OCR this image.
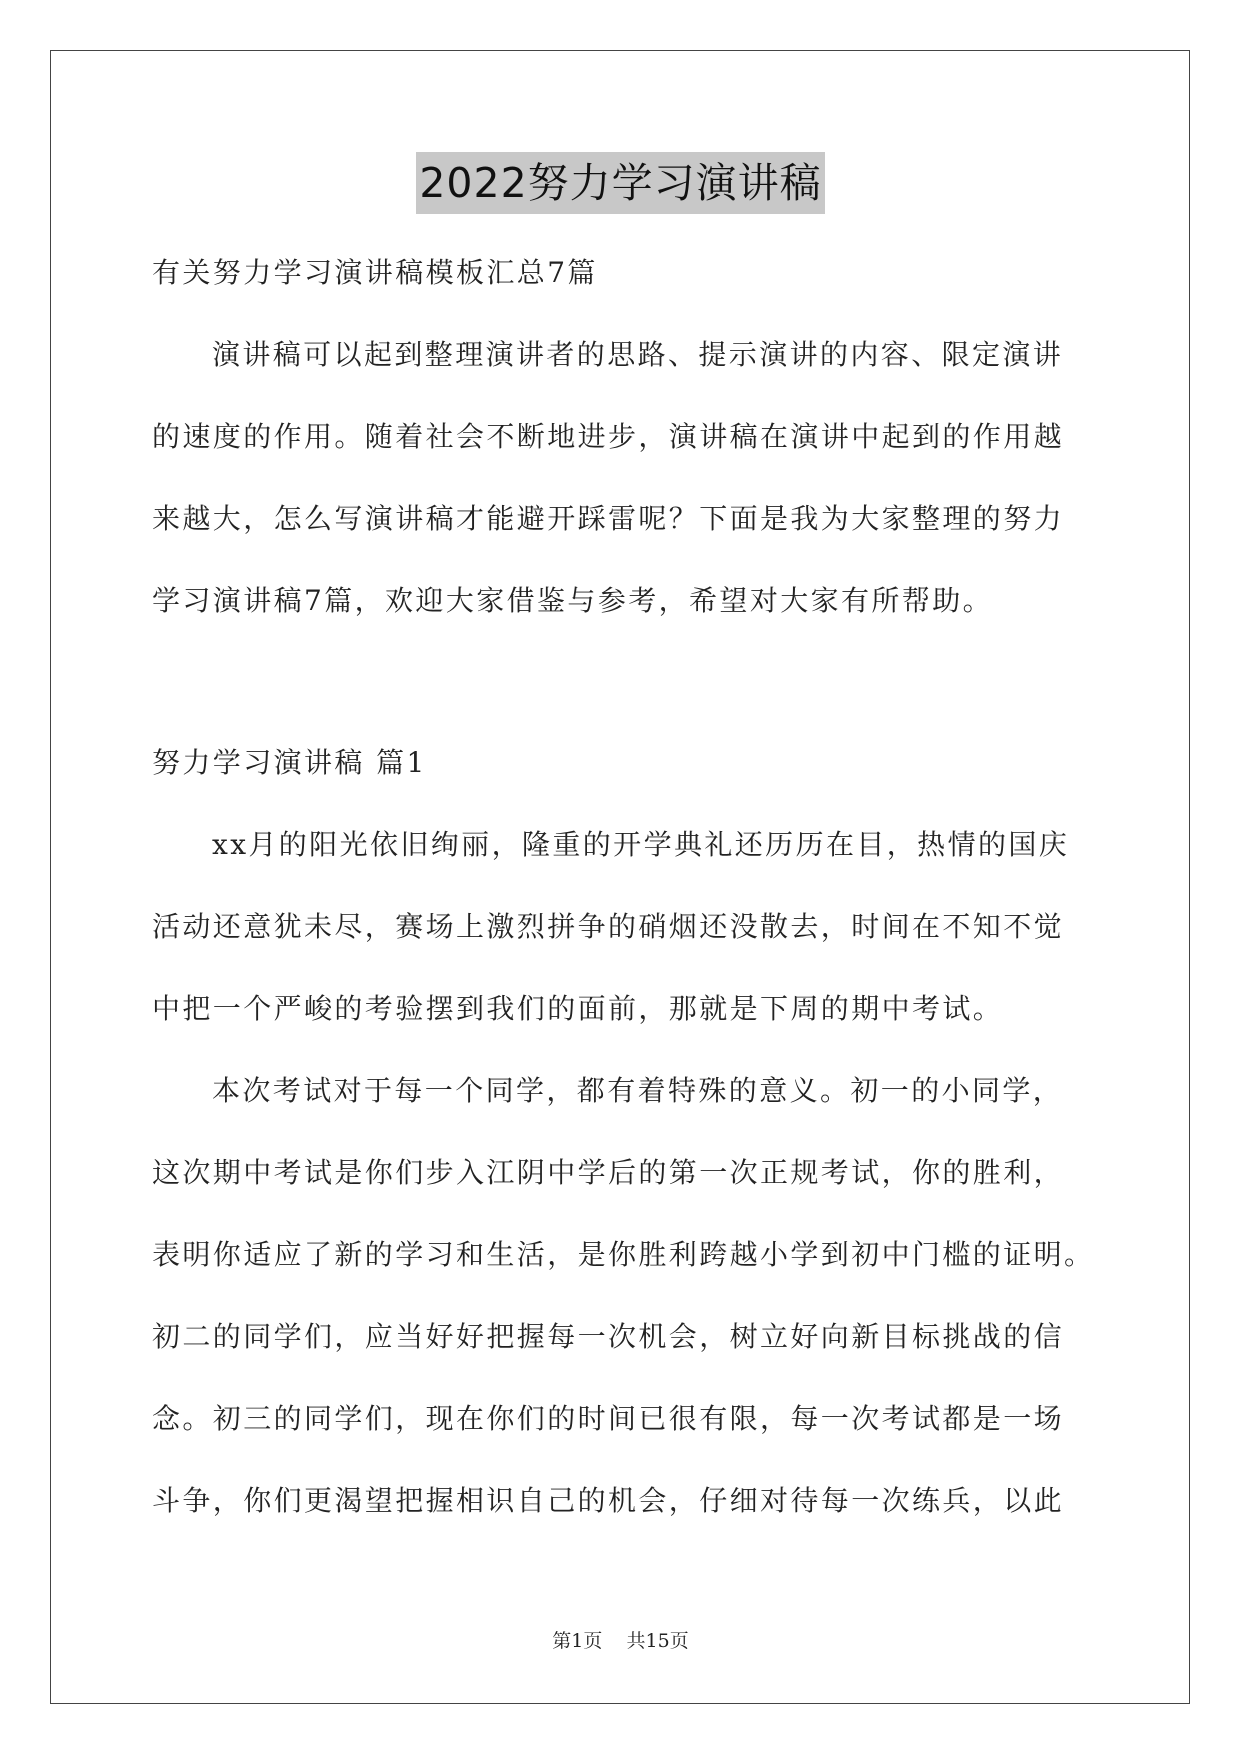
2022努力学习演讲稿
有关努力学习演讲稿模板汇总7篇
演讲稿可以起到整理演讲者的思路、提示演讲的内容、限定演讲
的速度的作用。随着社会不断地进步，演讲稿在演讲中起到的作用越
来越大，怎么写演讲稿才能避开踩雷呢？下面是我为大家整理的努力
学习演讲稿7篇，欢迎大家借鉴与参考，希望对大家有所帮助。
努力学习演讲稿 篇1
xx月的阳光依旧绚丽，隆重的开学典礼还历历在目，热情的国庆
活动还意犹未尽，赛场上激烈拼争的硝烟还没散去，时间在不知不觉
中把一个严峻的考验摆到我们的面前，那就是下周的期中考试。
本次考试对于每一个同学，都有着特殊的意义。初一的小同学，
这次期中考试是你们步入江阴中学后的第一次正规考试，你的胜利，
表明你适应了新的学习和生活，是你胜利跨越小学到初中门槛的证明。
初二的同学们，应当好好把握每一次机会，树立好向新目标挑战的信
念。初三的同学们，现在你们的时间已很有限，每一次考试都是一场
斗争，你们更渴望把握相识自己的机会，仔细对待每一次练兵，以此
第1页    共15页
